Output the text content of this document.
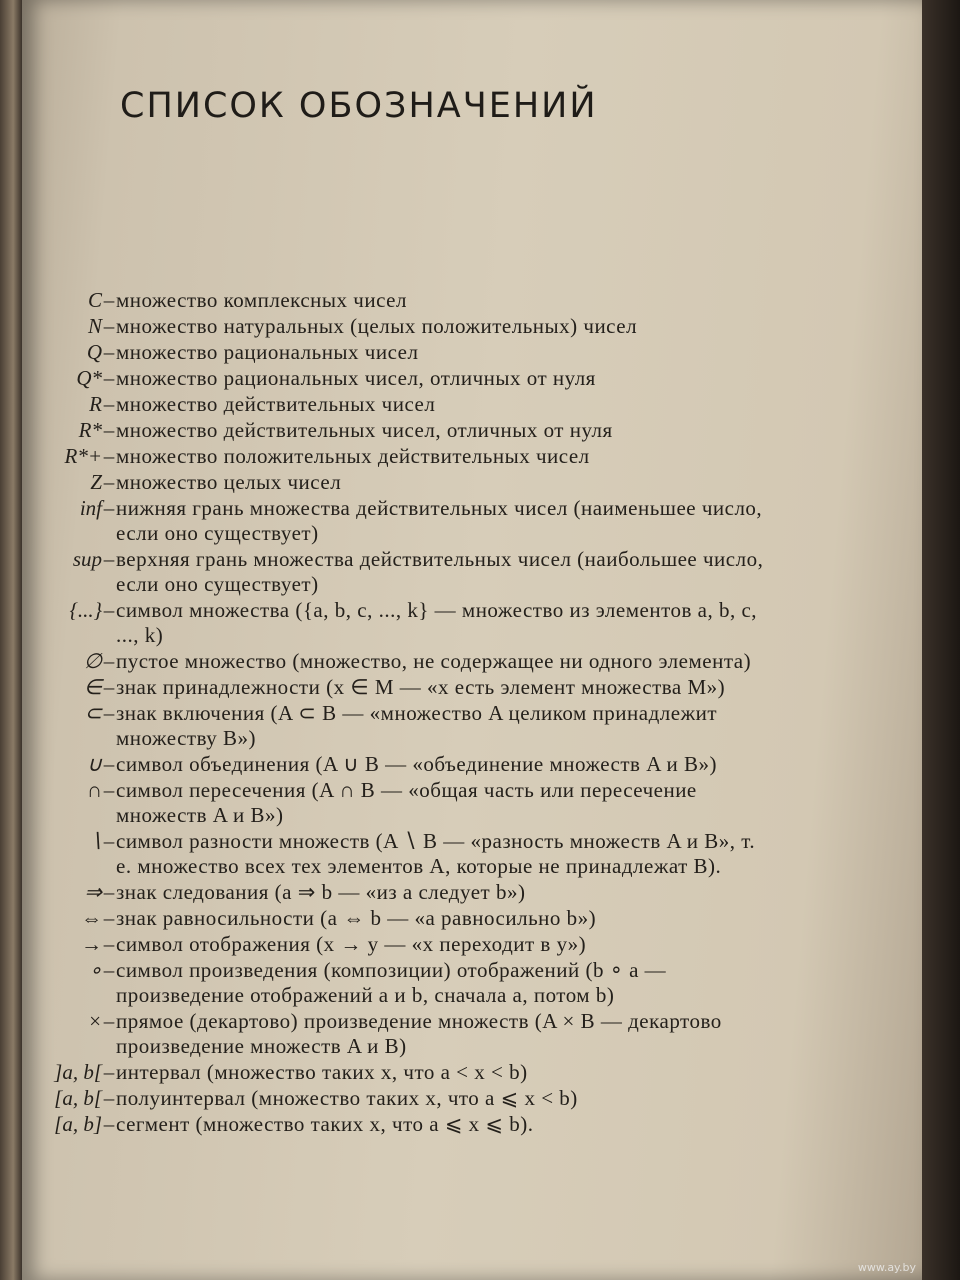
СПИСОК ОБОЗНАЧЕНИЙ
C – множество комплексных чисел
N – множество натуральных (целых положительных) чисел
Q – множество рациональных чисел
Q* – множество рациональных чисел, отличных от нуля
R – множество действительных чисел
R* – множество действительных чисел, отличных от нуля
R*+ – множество положительных действительных чисел
Z – множество целых чисел
inf – нижняя грань множества действительных чисел (наименьшее число, если оно существует)
sup – верхняя грань множества действительных чисел (наибольшее число, если оно существует)
{...} – символ множества ({a, b, c, ..., k} — множество из элементов a, b, c, ..., k)
∅ – пустое множество (множество, не содержащее ни одного элемента)
∈ – знак принадлежности (x ∈ M — «x есть элемент множества M»)
⊂ – знак включения (A ⊂ B — «множество A целиком принадлежит множеству B»)
∪ – символ объединения (A ∪ B — «объединение множеств A и B»)
∩ – символ пересечения (A ∩ B — «общая часть или пересечение множеств A и B»)
∖ – символ разности множеств (A ∖ B — «разность множеств A и B», т. е. множество всех тех элементов A, которые не принадлежат B).
⇒ – знак следования (a ⇒ b — «из a следует b»)
⇔ – знак равносильности (a ⇔ b — «a равносильно b»)
→ – символ отображения (x → y — «x переходит в y»)
∘ – символ произведения (композиции) отображений (b ∘ a — произведение отображений a и b, сначала a, потом b)
× – прямое (декартово) произведение множеств (A × B — декартово произведение множеств A и B)
]a, b[ – интервал (множество таких x, что a < x < b)
[a, b[ – полуинтервал (множество таких x, что a ⩽ x < b)
[a, b] – сегмент (множество таких x, что a ⩽ x ⩽ b).
www.ay.by
